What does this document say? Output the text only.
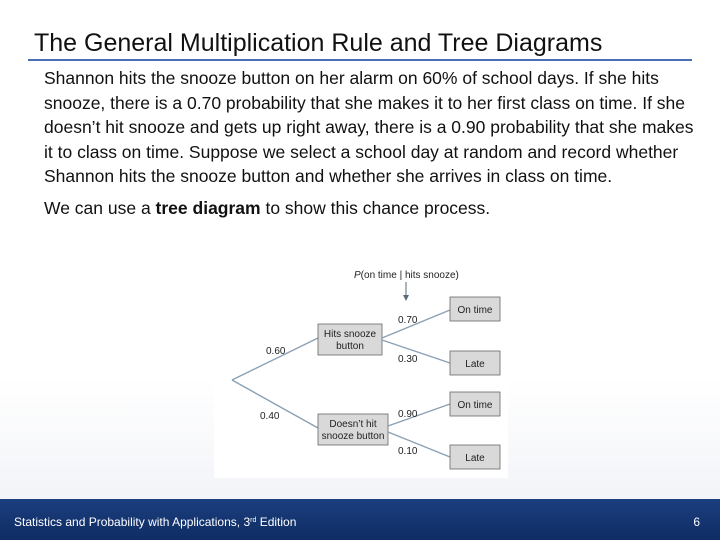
The General Multiplication Rule and Tree Diagrams

Shannon hits the snooze button on her alarm on 60% of school days. If she hits snooze, there is a 0.70 probability that she makes it to her first class on time. If she doesn’t hit snooze and gets up right away, there is a 0.90 probability that she makes it to class on time. Suppose we select a school day at random and record whether Shannon hits the snooze button and whether she arrives in class on time.

We can use a tree diagram to show this chance process.

P(on time | hits snooze)
0.60
0.40
Hits snooze
button
Doesn’t hit
snooze button
0.70
0.30
0.90
0.10
On time
Late
On time
Late
Statistics and Probability with Applications, 3rd Edition	6
